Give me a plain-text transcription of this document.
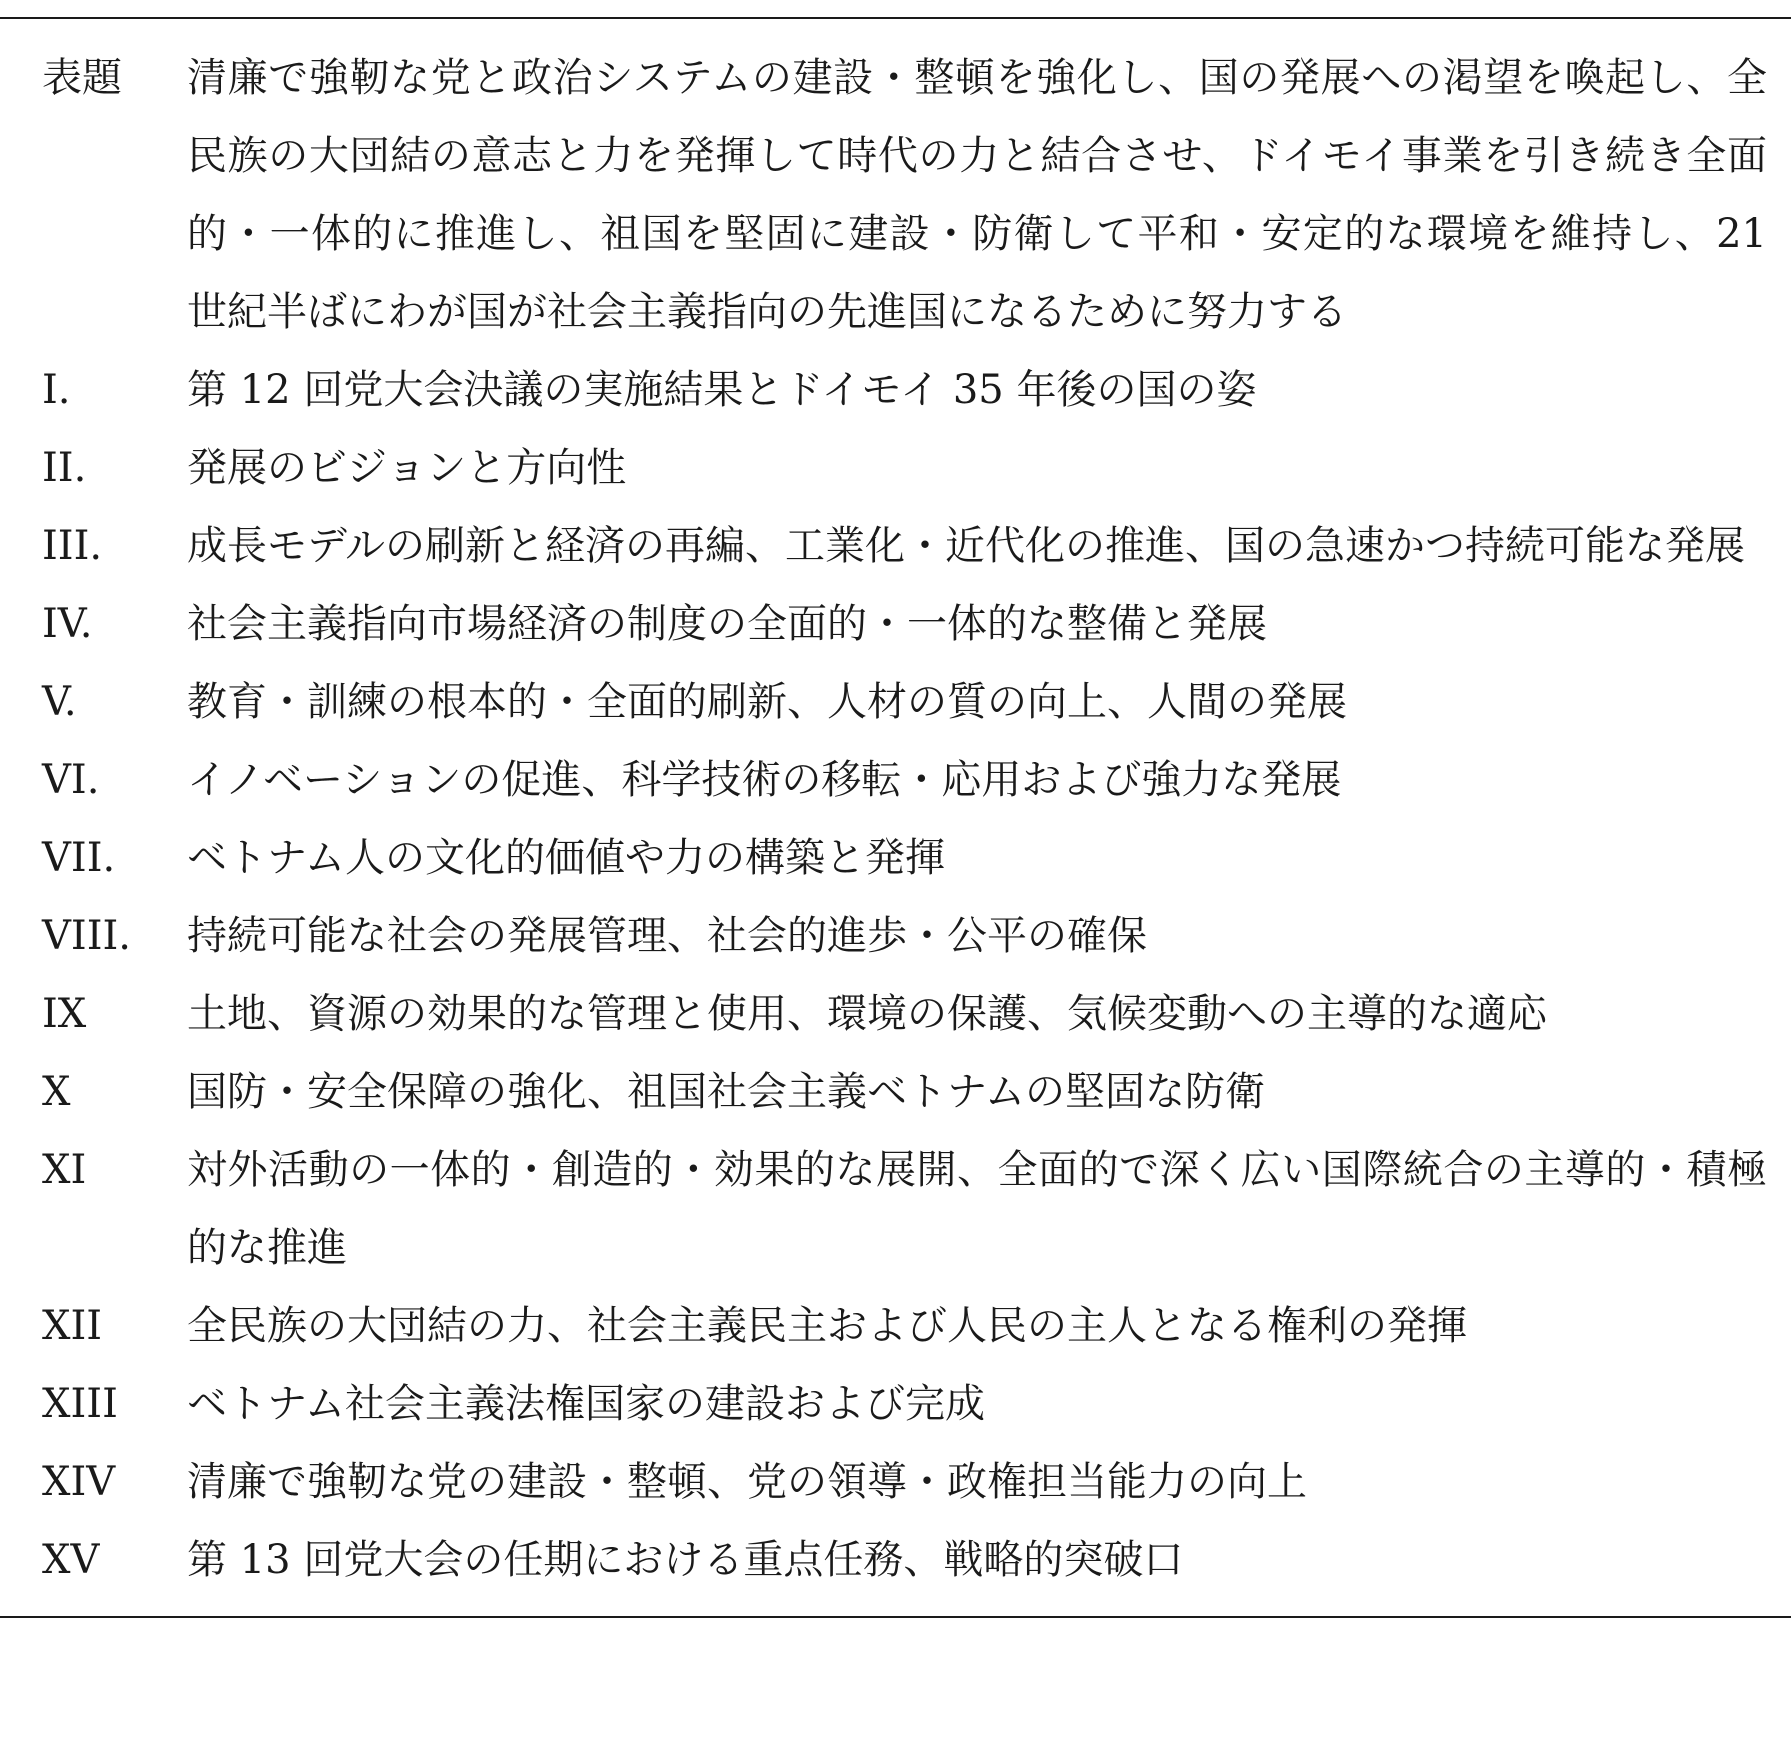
表題	清廉で強靭な党と政治システムの建設・整頓を強化し、国の発展への渇望を喚起し、全民族の大団結の意志と力を発揮して時代の力と結合させ、ドイモイ事業を引き続き全面的・一体的に推進し、祖国を堅固に建設・防衛して平和・安定的な環境を維持し、21 世紀半ばにわが国が社会主義指向の先進国になるために努力する
I.	第 12 回党大会決議の実施結果とドイモイ 35 年後の国の姿
II.	発展のビジョンと方向性
III.	成長モデルの刷新と経済の再編、工業化・近代化の推進、国の急速かつ持続可能な発展
IV.	社会主義指向市場経済の制度の全面的・一体的な整備と発展
V.	教育・訓練の根本的・全面的刷新、人材の質の向上、人間の発展
VI.	イノベーションの促進、科学技術の移転・応用および強力な発展
VII.	ベトナム人の文化的価値や力の構築と発揮
VIII.	持続可能な社会の発展管理、社会的進歩・公平の確保
IX	土地、資源の効果的な管理と使用、環境の保護、気候変動への主導的な適応
X	国防・安全保障の強化、祖国社会主義ベトナムの堅固な防衛
XI	対外活動の一体的・創造的・効果的な展開、全面的で深く広い国際統合の主導的・積極的な推進
XII	全民族の大団結の力、社会主義民主および人民の主人となる権利の発揮
XIII	ベトナム社会主義法権国家の建設および完成
XIV	清廉で強靭な党の建設・整頓、党の領導・政権担当能力の向上
XV	第 13 回党大会の任期における重点任務、戦略的突破口
